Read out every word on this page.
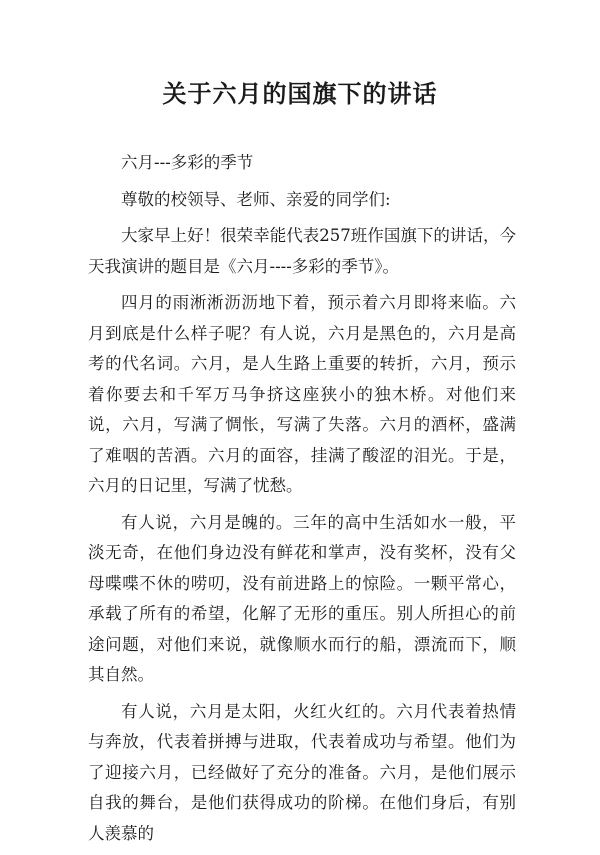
关于六月的国旗下的讲话

六月---多彩的季节

尊敬的校领导、老师、亲爱的同学们:

大家早上好！很荣幸能代表257班作国旗下的讲话，今天我演讲的题目是《六月----多彩的季节》。

四月的雨淅淅沥沥地下着，预示着六月即将来临。六月到底是什么样子呢？有人说，六月是黑色的，六月是高考的代名词。六月，是人生路上重要的转折，六月，预示着你要去和千军万马争挤这座狭小的独木桥。对他们来说，六月，写满了惆怅，写满了失落。六月的酒杯，盛满了难咽的苦酒。六月的面容，挂满了酸涩的泪光。于是，六月的日记里，写满了忧愁。

有人说，六月是魄的。三年的高中生活如水一般，平淡无奇，在他们身边没有鲜花和掌声，没有奖杯，没有父母喋喋不休的唠叨，没有前进路上的惊险。一颗平常心，承载了所有的希望，化解了无形的重压。别人所担心的前途问题，对他们来说，就像顺水而行的船，漂流而下，顺其自然。

有人说，六月是太阳，火红火红的。六月代表着热情与奔放，代表着拼搏与进取，代表着成功与希望。他们为了迎接六月，已经做好了充分的准备。六月，是他们展示自我的舞台，是他们获得成功的阶梯。在他们身后，有别人羡慕的
